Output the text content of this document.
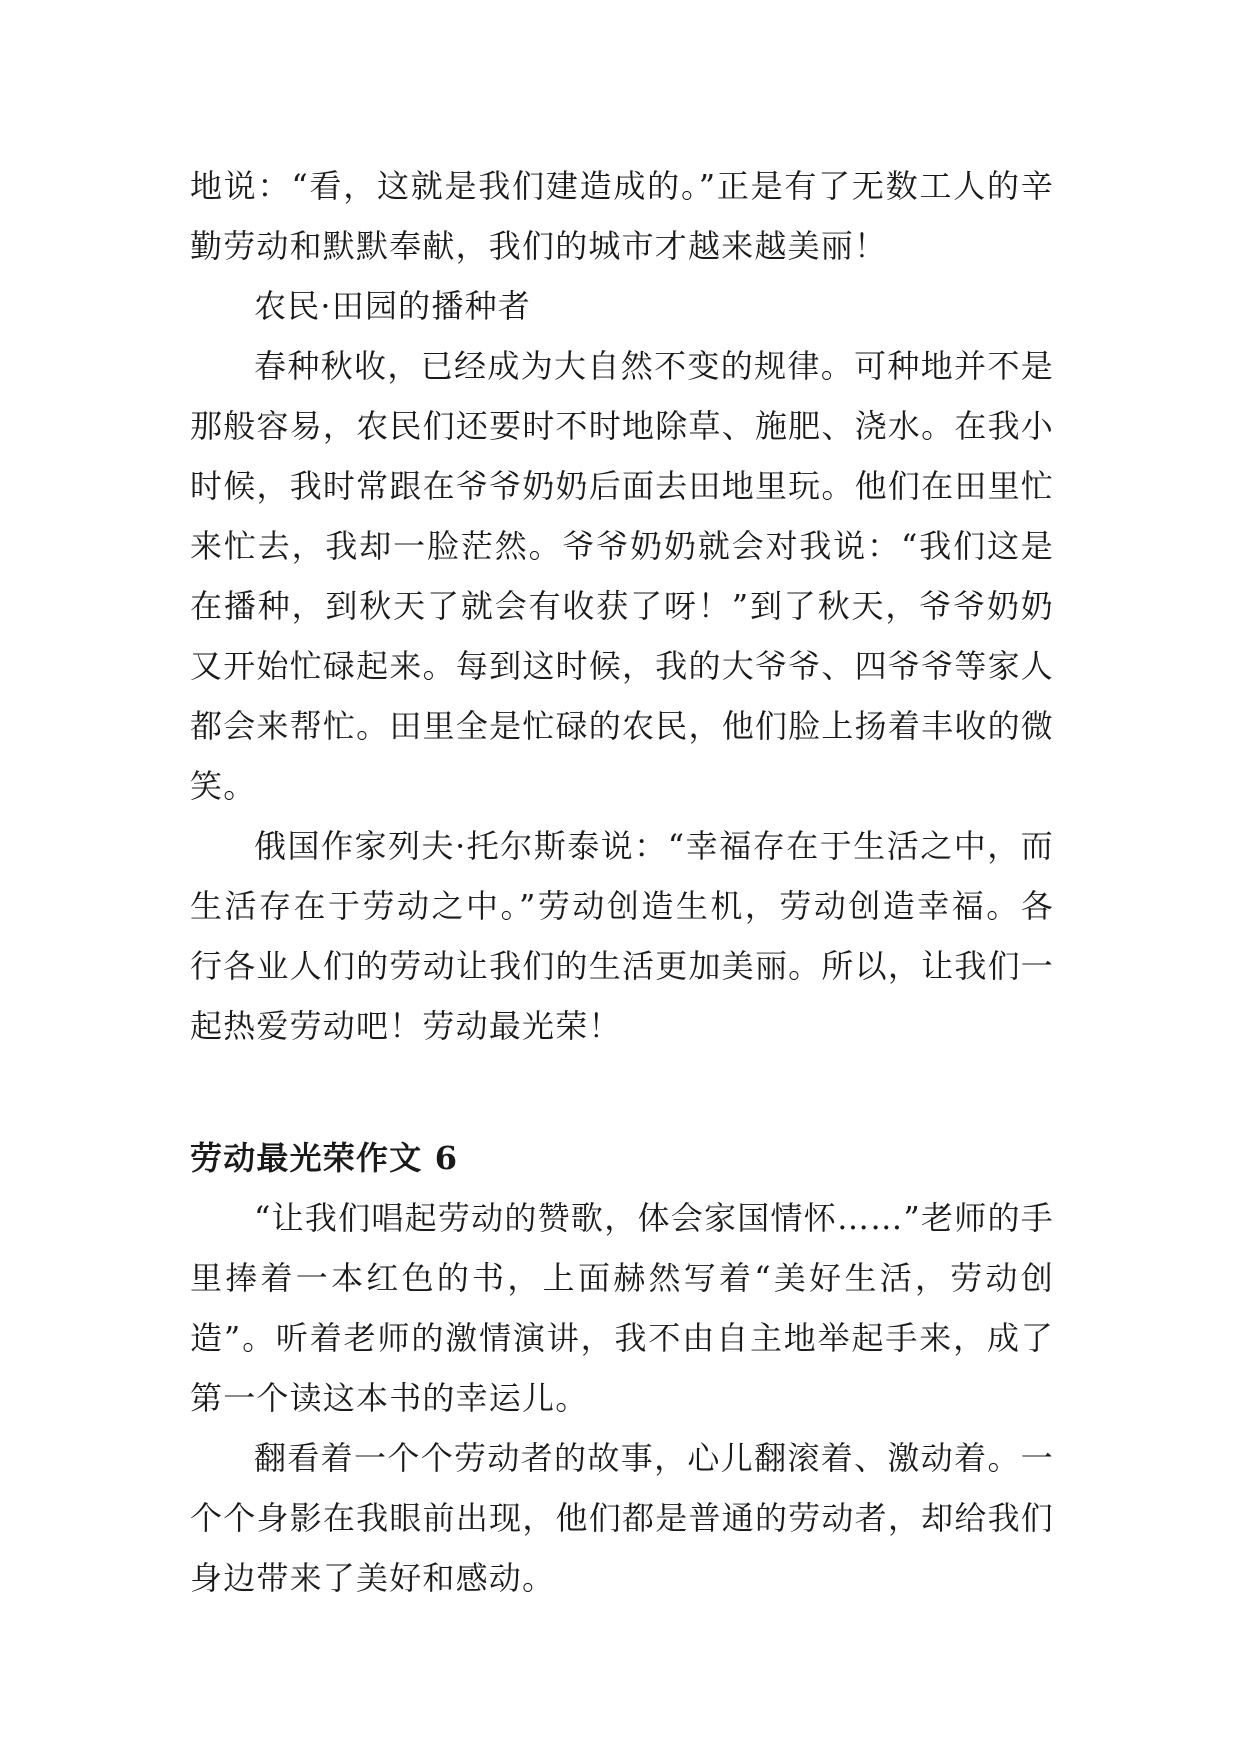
地说：“看，这就是我们建造成的。”正是有了无数工人的辛勤劳动和默默奉献，我们的城市才越来越美丽！

农民·田园的播种者

春种秋收，已经成为大自然不变的规律。可种地并不是那般容易，农民们还要时不时地除草、施肥、浇水。在我小时候，我时常跟在爷爷奶奶后面去田地里玩。他们在田里忙来忙去，我却一脸茫然。爷爷奶奶就会对我说：“我们这是在播种，到秋天了就会有收获了呀！”到了秋天，爷爷奶奶又开始忙碌起来。每到这时候，我的大爷爷、四爷爷等家人都会来帮忙。田里全是忙碌的农民，他们脸上扬着丰收的微笑。

俄国作家列夫·托尔斯泰说：“幸福存在于生活之中，而生活存在于劳动之中。”劳动创造生机，劳动创造幸福。各行各业人们的劳动让我们的生活更加美丽。所以，让我们一起热爱劳动吧！劳动最光荣！

劳动最光荣作文 6

“让我们唱起劳动的赞歌，体会家国情怀……”老师的手里捧着一本红色的书，上面赫然写着“美好生活，劳动创造”。听着老师的激情演讲，我不由自主地举起手来，成了第一个读这本书的幸运儿。

翻看着一个个劳动者的故事，心儿翻滚着、激动着。一个个身影在我眼前出现，他们都是普通的劳动者，却给我们身边带来了美好和感动。
